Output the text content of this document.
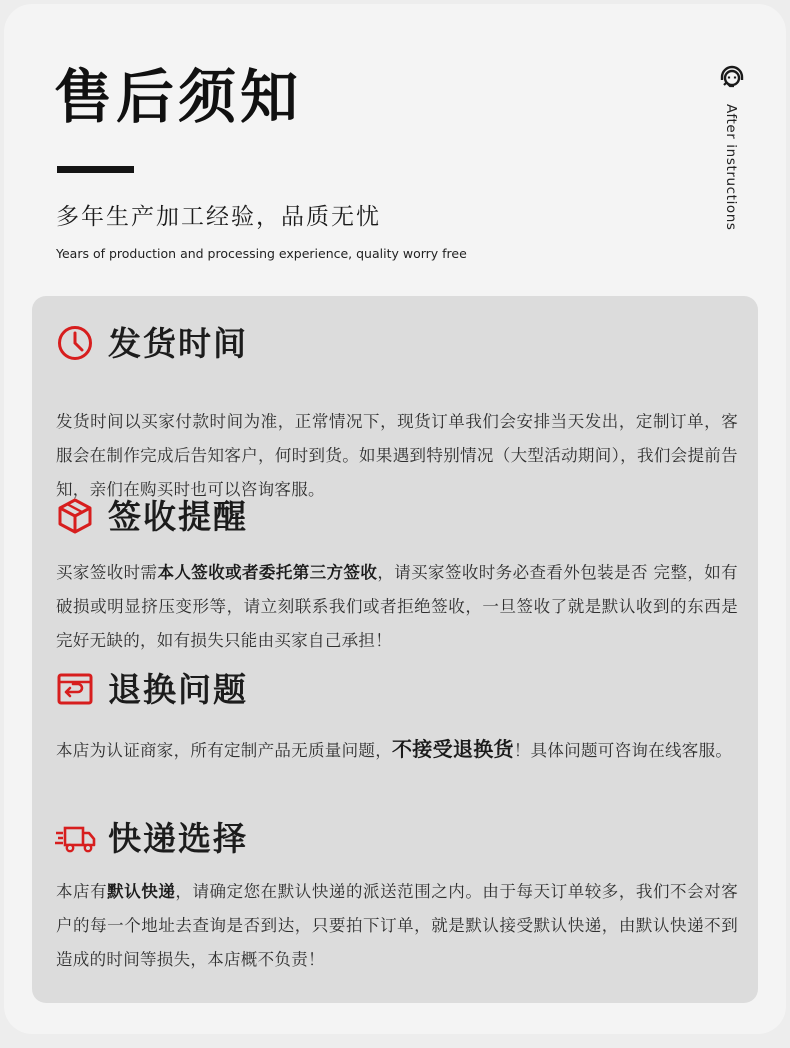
售后须知
多年生产加工经验，品质无忧
Years of production and processing experience, quality worry free
After instructions
发货时间
发货时间以买家付款时间为准，正常情况下，现货订单我们会安排当天发出，定制订单，客服会在制作完成后告知客户，何时到货。如果遇到特别情况（大型活动期间），我们会提前告知，亲们在购买时也可以咨询客服。
签收提醒
买家签收时需本人签收或者委托第三方签收，请买家签收时务必查看外包装是否 完整，如有破损或明显挤压变形等，请立刻联系我们或者拒绝签收，一旦签收了就是默认收到的东西是完好无缺的，如有损失只能由买家自己承担！
退换问题
本店为认证商家，所有定制产品无质量问题，不接受退换货！具体问题可咨询在线客服。
快递选择
本店有默认快递，请确定您在默认快递的派送范围之内。由于每天订单较多，我们不会对客户的每一个地址去查询是否到达，只要拍下订单，就是默认接受默认快递，由默认快递不到造成的时间等损失，本店概不负责！
